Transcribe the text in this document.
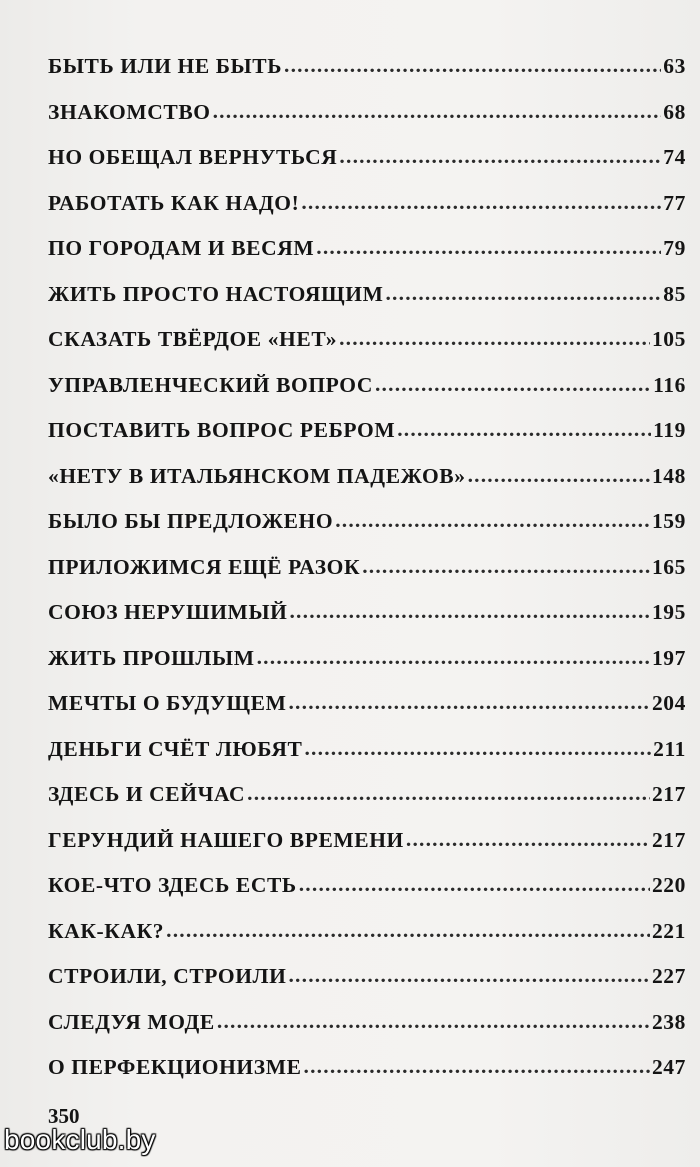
БЫТЬ ИЛИ НЕ БЫТЬ .....	63
ЗНАКОМСТВО .....	68
НО ОБЕЩАЛ ВЕРНУТЬСЯ .....	74
РАБОТАТЬ КАК НАДО! .....	77
ПО ГОРОДАМ И ВЕСЯМ .....	79
ЖИТЬ ПРОСТО НАСТОЯЩИМ .....	85
СКАЗАТЬ ТВЁРДОЕ «НЕТ» .....	105
УПРАВЛЕНЧЕСКИЙ ВОПРОС .....	116
ПОСТАВИТЬ ВОПРОС РЕБРОМ .....	119
«НЕТУ В ИТАЛЬЯНСКОМ ПАДЕЖОВ» .....	148
БЫЛО БЫ ПРЕДЛОЖЕНО .....	159
ПРИЛОЖИМСЯ ЕЩЁ РАЗОК .....	165
СОЮЗ НЕРУШИМЫЙ .....	195
ЖИТЬ ПРОШЛЫМ .....	197
МЕЧТЫ О БУДУЩЕМ .....	204
ДЕНЬГИ СЧЁТ ЛЮБЯТ .....	211
ЗДЕСЬ И СЕЙЧАС .....	217
ГЕРУНДИЙ НАШЕГО ВРЕМЕНИ .....	217
КОЕ-ЧТО ЗДЕСЬ ЕСТЬ .....	220
КАК-КАК? .....	221
СТРОИЛИ, СТРОИЛИ .....	227
СЛЕДУЯ МОДЕ .....	238
О ПЕРФЕКЦИОНИЗМЕ .....	247
350
bookclub.by
